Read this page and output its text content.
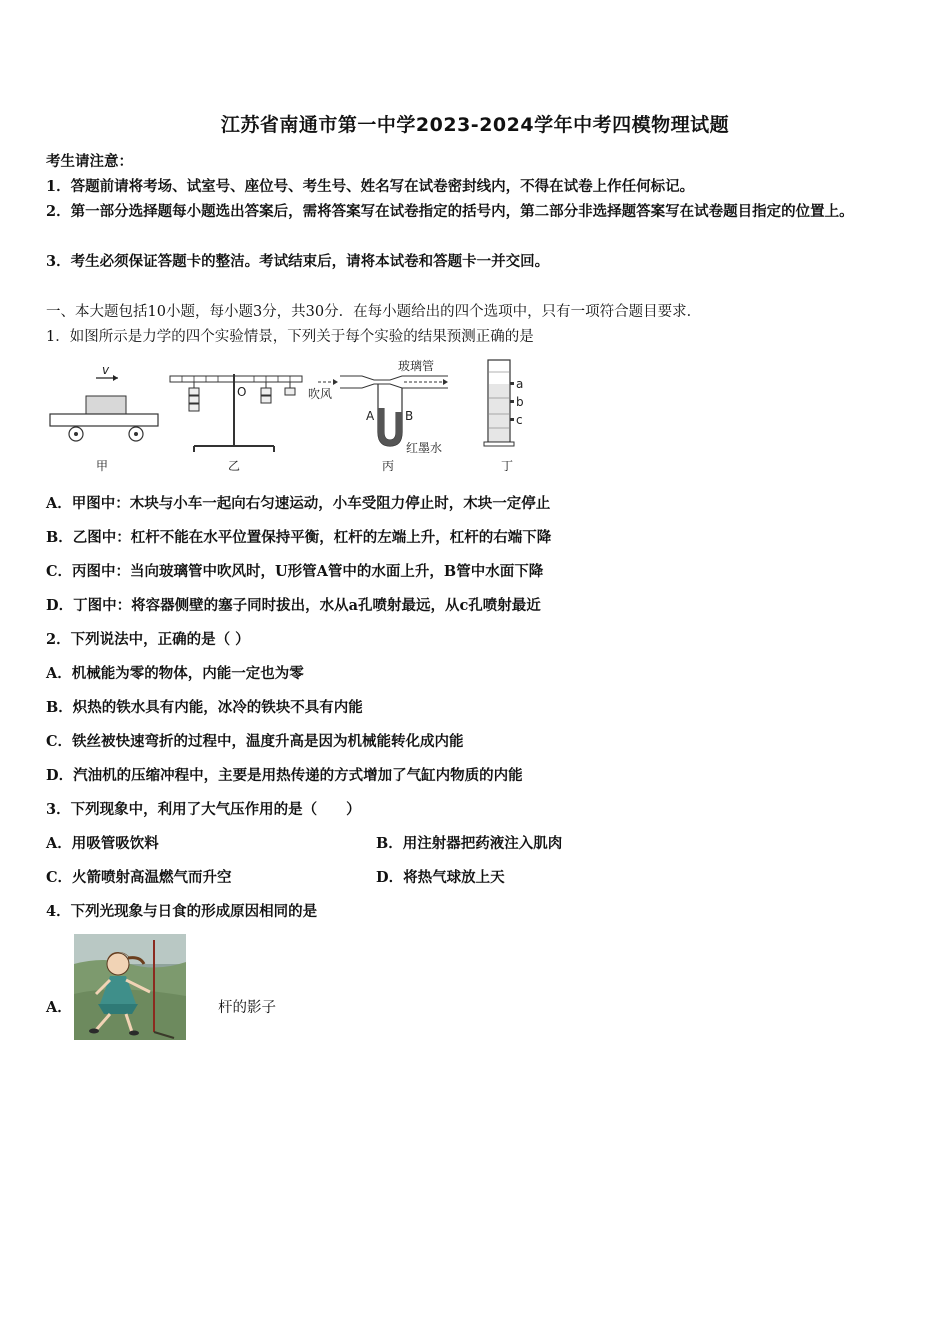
江苏省南通市第一中学2023-2024学年中考四模物理试题
考生请注意：
1．答题前请将考场、试室号、座位号、考生号、姓名写在试卷密封线内，不得在试卷上作任何标记。
2．第一部分选择题每小题选出答案后，需将答案写在试卷指定的括号内，第二部分非选择题答案写在试卷题目指定的位置上。
3．考生必须保证答题卡的整洁。考试结束后，请将本试卷和答题卡一并交回。
一、本大题包括10小题，每小题3分，共30分．在每小题给出的四个选项中，只有一项符合题目要求．
1．如图所示是力学的四个实验情景，下列关于每个实验的结果预测正确的是
v
甲
O
乙
吹风
玻璃管
A	B
红墨水
丙
a
b
c
丁
A．甲图中：木块与小车一起向右匀速运动，小车受阻力停止时，木块一定停止
B．乙图中：杠杆不能在水平位置保持平衡，杠杆的左端上升，杠杆的右端下降
C．丙图中：当向玻璃管中吹风时，U形管A管中的水面上升，B管中水面下降
D．丁图中：将容器侧壁的塞子同时拔出，水从a孔喷射最远，从c孔喷射最近
2．下列说法中，正确的是（ ）
A．机械能为零的物体，内能一定也为零
B．炽热的铁水具有内能，冰冷的铁块不具有内能
C．铁丝被快速弯折的过程中，温度升高是因为机械能转化成内能
D．汽油机的压缩冲程中，主要是用热传递的方式增加了气缸内物质的内能
3．下列现象中，利用了大气压作用的是（　　）
A．用吸管吸饮料	B．用注射器把药液注入肌肉
C．火箭喷射高温燃气而升空	D．将热气球放上天
4．下列光现象与日食的形成原因相同的是
A．	杆的影子
